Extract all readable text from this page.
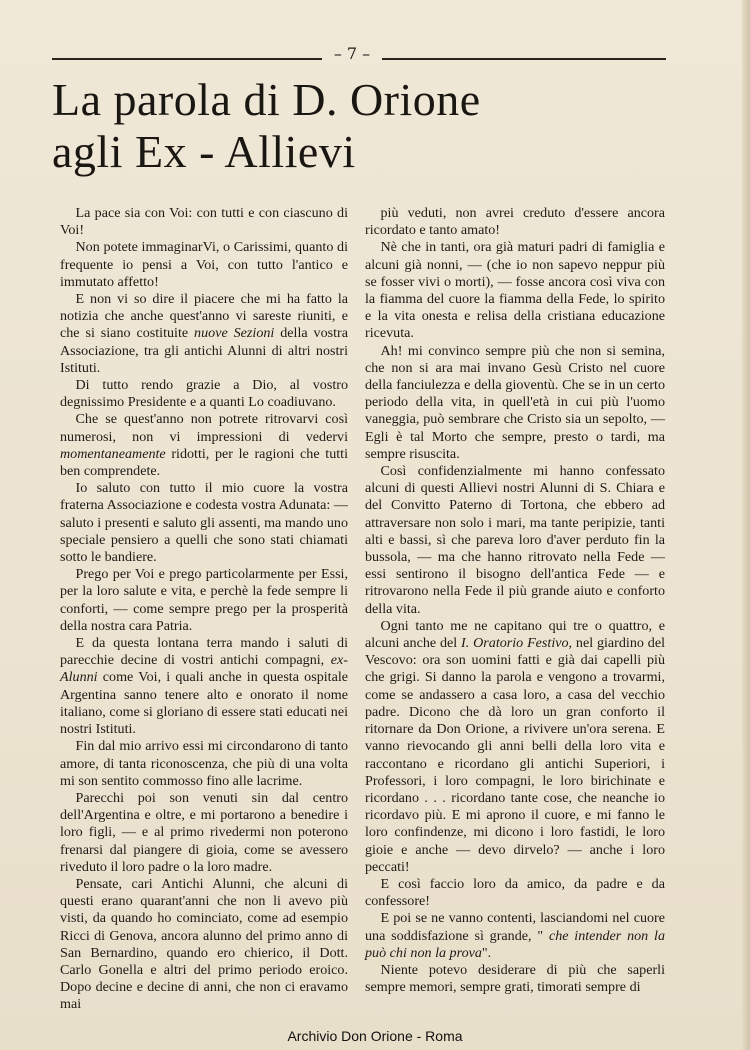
– 7 –
La parola di D. Orione
agli Ex - Allievi

La pace sia con Voi: con tutti e con ciascuno di Voi!

Non potete immaginarVi, o Carissimi, quanto di frequente io pensi a Voi, con tutto l'antico e immutato affetto!

E non vi so dire il piacere che mi ha fatto la notizia che anche quest'anno vi sareste riuniti, e che si siano costituite nuove Sezioni della vostra Associazione, tra gli antichi Alunni di altri nostri Istituti.

Di tutto rendo grazie a Dio, al vostro degnissimo Presidente e a quanti Lo coadiuvano.

Che se quest'anno non potrete ritrovarvi così numerosi, non vi impressioni di vedervi momentaneamente ridotti, per le ragioni che tutti ben comprendete.

Io saluto con tutto il mio cuore la vostra fraterna Associazione e codesta vostra Adunata: — saluto i presenti e saluto gli assenti, ma mando uno speciale pensiero a quelli che sono stati chiamati sotto le bandiere.

Prego per Voi e prego particolarmente per Essi, per la loro salute e vita, e perchè la fede sempre li conforti, — come sempre prego per la prosperità della nostra cara Patria.

E da questa lontana terra mando i saluti di parecchie decine di vostri antichi compagni, ex-Alunni come Voi, i quali anche in questa ospitale Argentina sanno tenere alto e onorato il nome italiano, come si gloriano di essere stati educati nei nostri Istituti.

Fin dal mio arrivo essi mi circondarono di tanto amore, di tanta riconoscenza, che più di una volta mi son sentito commosso fino alle lacrime.

Parecchi poi son venuti sin dal centro dell'Argentina e oltre, e mi portarono a benedire i loro figli, — e al primo rivedermi non poterono frenarsi dal piangere di gioia, come se avessero riveduto il loro padre o la loro madre.

Pensate, cari Antichi Alunni, che alcuni di questi erano quarant'anni che non li avevo più visti, da quando ho cominciato, come ad esempio Ricci di Genova, ancora alunno del primo anno di San Bernardino, quando ero chierico, il Dott. Carlo Gonella e altri del primo periodo eroico. Dopo decine e decine di anni, che non ci eravamo mai

più veduti, non avrei creduto d'essere ancora ricordato e tanto amato!

Nè che in tanti, ora già maturi padri di famiglia e alcuni già nonni, — (che io non sapevo neppur più se fosser vivi o morti), — fosse ancora così viva con la fiamma del cuore la fiamma della Fede, lo spirito e la vita onesta e relisa della cristiana educazione ricevuta.

Ah! mi convinco sempre più che non si semina, che non si ara mai invano Gesù Cristo nel cuore della fanciulezza e della gioventù. Che se in un certo periodo della vita, in quell'età in cui più l'uomo vaneggia, può sembrare che Cristo sia un sepolto, — Egli è tal Morto che sempre, presto o tardi, ma sempre risuscita.

Così confidenzialmente mi hanno confessato alcuni di questi Allievi nostri Alunni di S. Chiara e del Convitto Paterno di Tortona, che ebbero ad attraversare non solo i mari, ma tante peripizie, tanti alti e bassi, sì che pareva loro d'aver perduto fin la bussola, — ma che hanno ritrovato nella Fede — essi sentirono il bisogno dell'antica Fede — e ritrovarono nella Fede il più grande aiuto e conforto della vita.

Ogni tanto me ne capitano qui tre o quattro, e alcuni anche del I. Oratorio Festivo, nel giardino del Vescovo: ora son uomini fatti e già dai capelli più che grigi. Si danno la parola e vengono a trovarmi, come se andassero a casa loro, a casa del vecchio padre. Dicono che dà loro un gran conforto il ritornare da Don Orione, a rivivere un'ora serena. E vanno rievocando gli anni belli della loro vita e raccontano e ricordano gli antichi Superiori, i Professori, i loro compagni, le loro birichinate e ricordano . . . ricordano tante cose, che neanche io ricordavo più. E mi aprono il cuore, e mi fanno le loro confindenze, mi dicono i loro fastidi, le loro gioie e anche — devo dirvelo? — anche i loro peccati!

E così faccio loro da amico, da padre e da confessore!

E poi se ne vanno contenti, lasciandomi nel cuore una soddisfazione sì grande, " che intender non la può chi non la prova".

Niente potevo desiderare di più che saperli sempre memori, sempre grati, timorati sempre di

Archivio Don Orione - Roma
